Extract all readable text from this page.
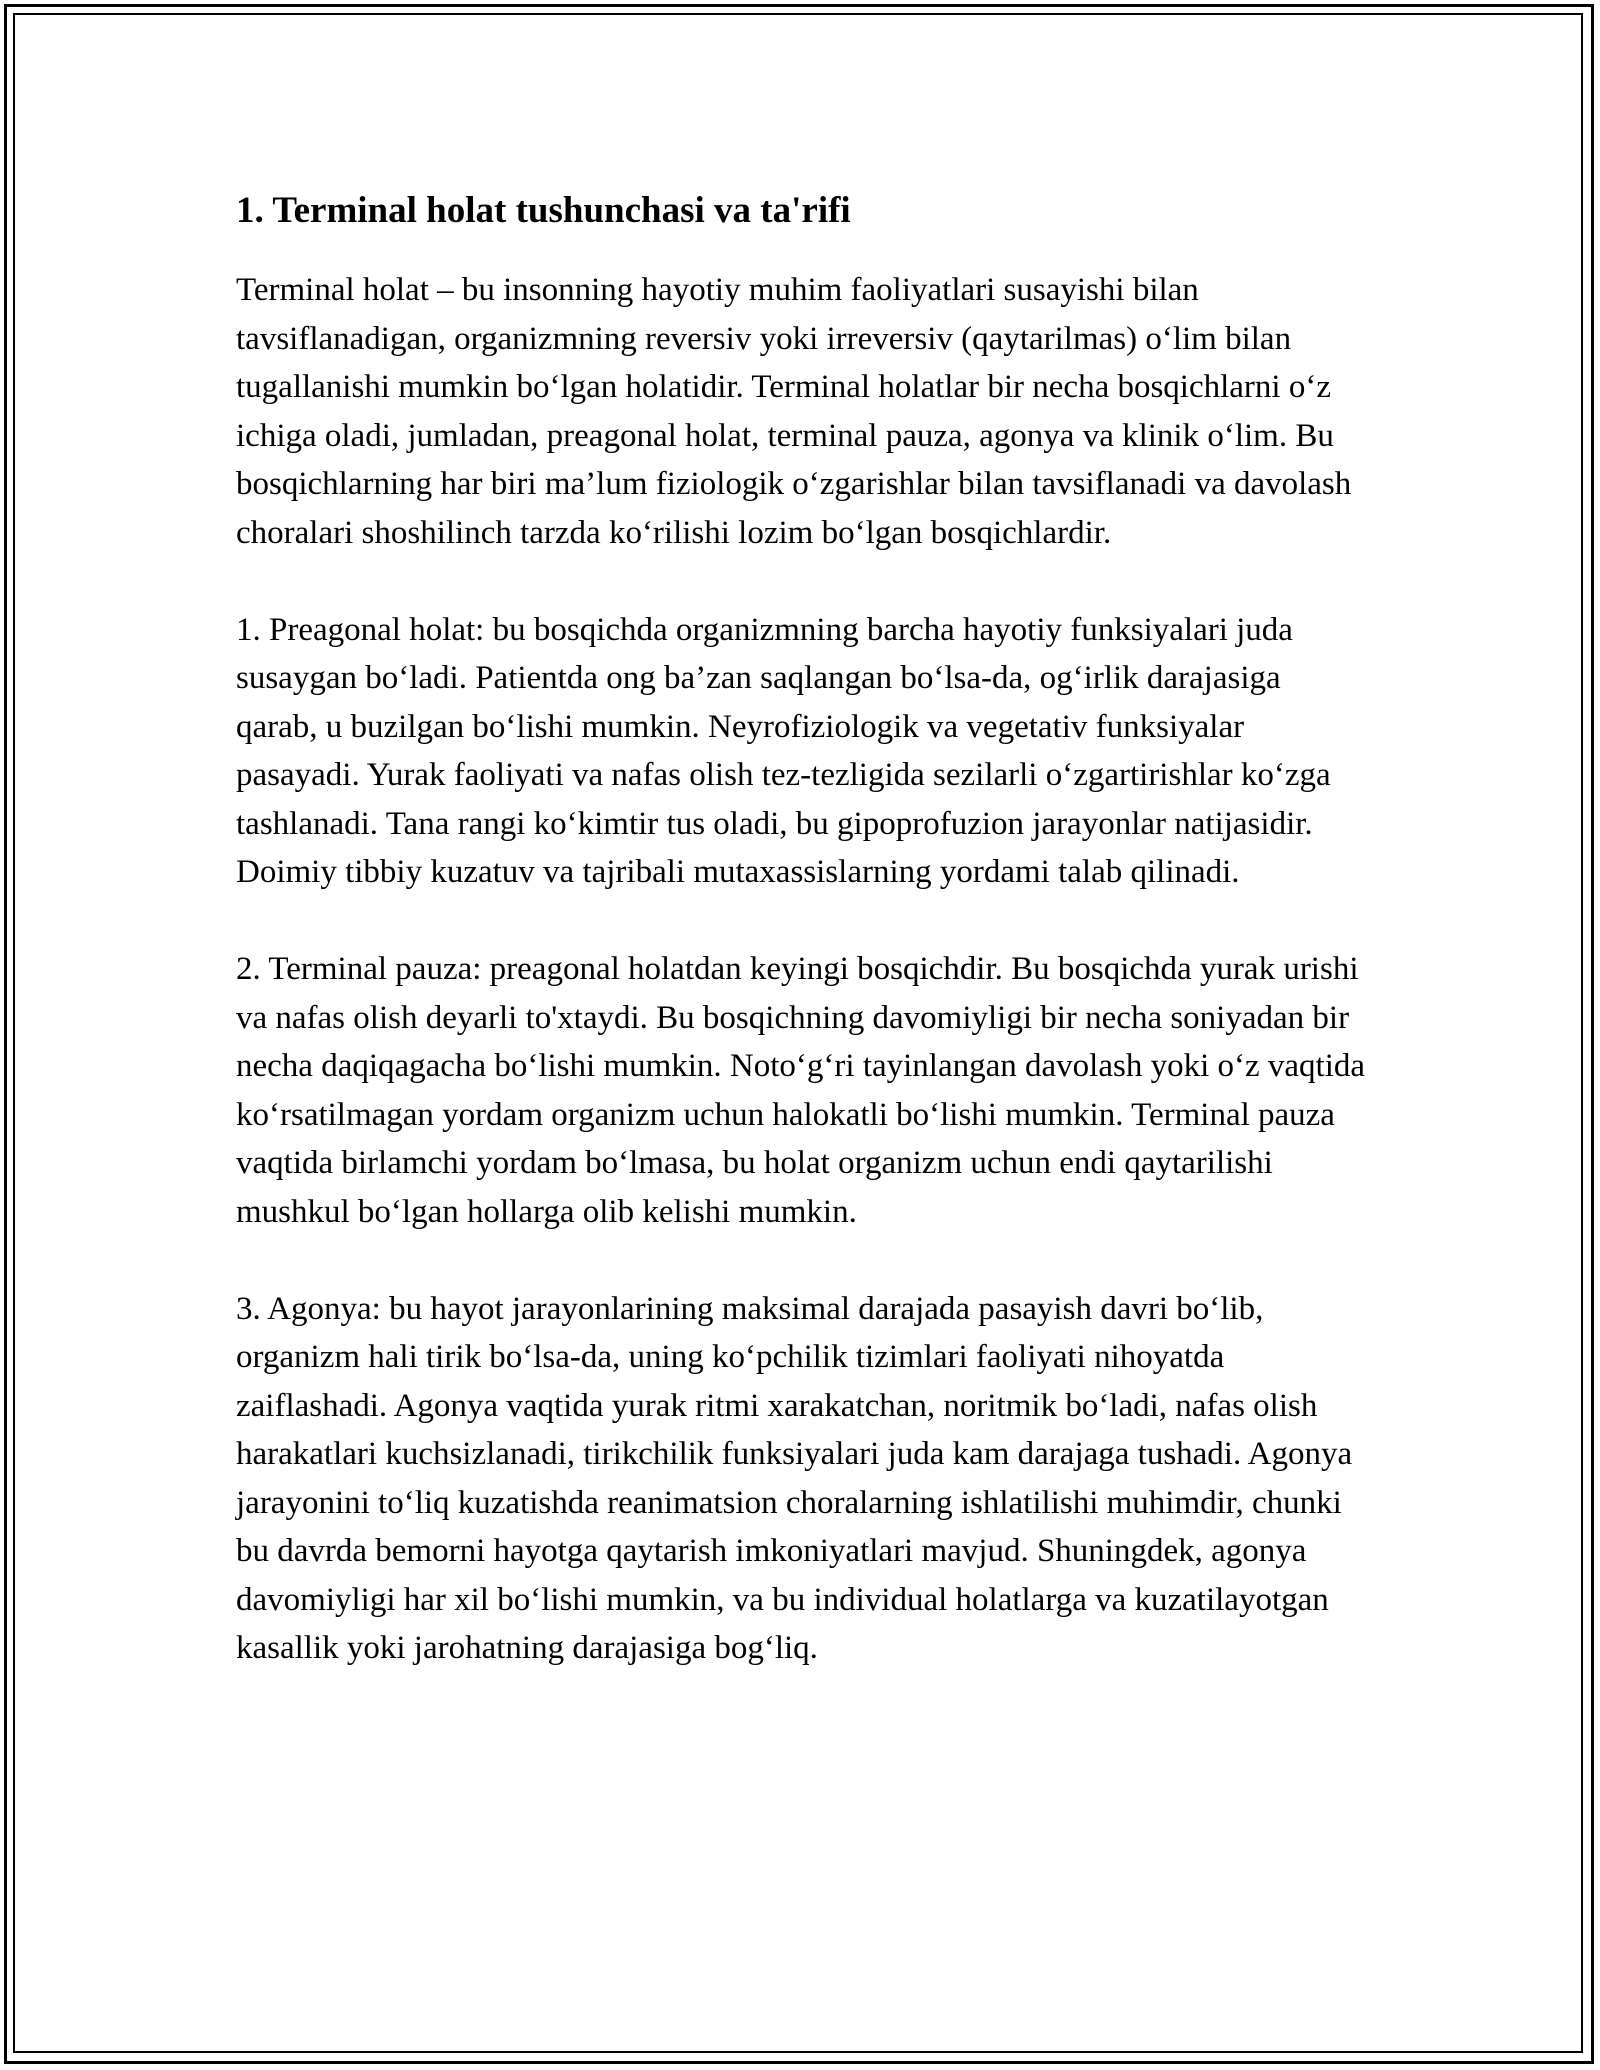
1. Terminal holat tushunchasi va ta'rifi

Terminal holat – bu insonning hayotiy muhim faoliyatlari susayishi bilan tavsiflanadigan, organizmning reversiv yoki irreversiv (qaytarilmas) o‘lim bilan tugallanishi mumkin bo‘lgan holatidir. Terminal holatlar bir necha bosqichlarni o‘z ichiga oladi, jumladan, preagonal holat, terminal pauza, agonya va klinik o‘lim. Bu bosqichlarning har biri ma’lum fiziologik o‘zgarishlar bilan tavsiflanadi va davolash choralari shoshilinch tarzda ko‘rilishi lozim bo‘lgan bosqichlardir.

1. Preagonal holat: bu bosqichda organizmning barcha hayotiy funksiyalari juda susaygan bo‘ladi. Patientda ong ba’zan saqlangan bo‘lsa-da, og‘irlik darajasiga qarab, u buzilgan bo‘lishi mumkin. Neyrofiziologik va vegetativ funksiyalar pasayadi. Yurak faoliyati va nafas olish tez-tezligida sezilarli o‘zgartirishlar ko‘zga tashlanadi. Tana rangi ko‘kimtir tus oladi, bu gipoprofuzion jarayonlar natijasidir. Doimiy tibbiy kuzatuv va tajribali mutaxassislarning yordami talab qilinadi.

2. Terminal pauza: preagonal holatdan keyingi bosqichdir. Bu bosqichda yurak urishi va nafas olish deyarli to'xtaydi. Bu bosqichning davomiyligi bir necha soniyadan bir necha daqiqagacha bo‘lishi mumkin. Noto‘g‘ri tayinlangan davolash yoki o‘z vaqtida ko‘rsatilmagan yordam organizm uchun halokatli bo‘lishi mumkin. Terminal pauza vaqtida birlamchi yordam bo‘lmasa, bu holat organizm uchun endi qaytarilishi mushkul bo‘lgan hollarga olib kelishi mumkin.

3. Agonya: bu hayot jarayonlarining maksimal darajada pasayish davri bo‘lib, organizm hali tirik bo‘lsa-da, uning ko‘pchilik tizimlari faoliyati nihoyatda zaiflashadi. Agonya vaqtida yurak ritmi xarakatchan, noritmik bo‘ladi, nafas olish harakatlari kuchsizlanadi, tirikchilik funksiyalari juda kam darajaga tushadi. Agonya jarayonini to‘liq kuzatishda reanimatsion choralarning ishlatilishi muhimdir, chunki bu davrda bemorni hayotga qaytarish imkoniyatlari mavjud. Shuningdek, agonya davomiyligi har xil bo‘lishi mumkin, va bu individual holatlarga va kuzatilayotgan kasallik yoki jarohatning darajasiga bog‘liq.
